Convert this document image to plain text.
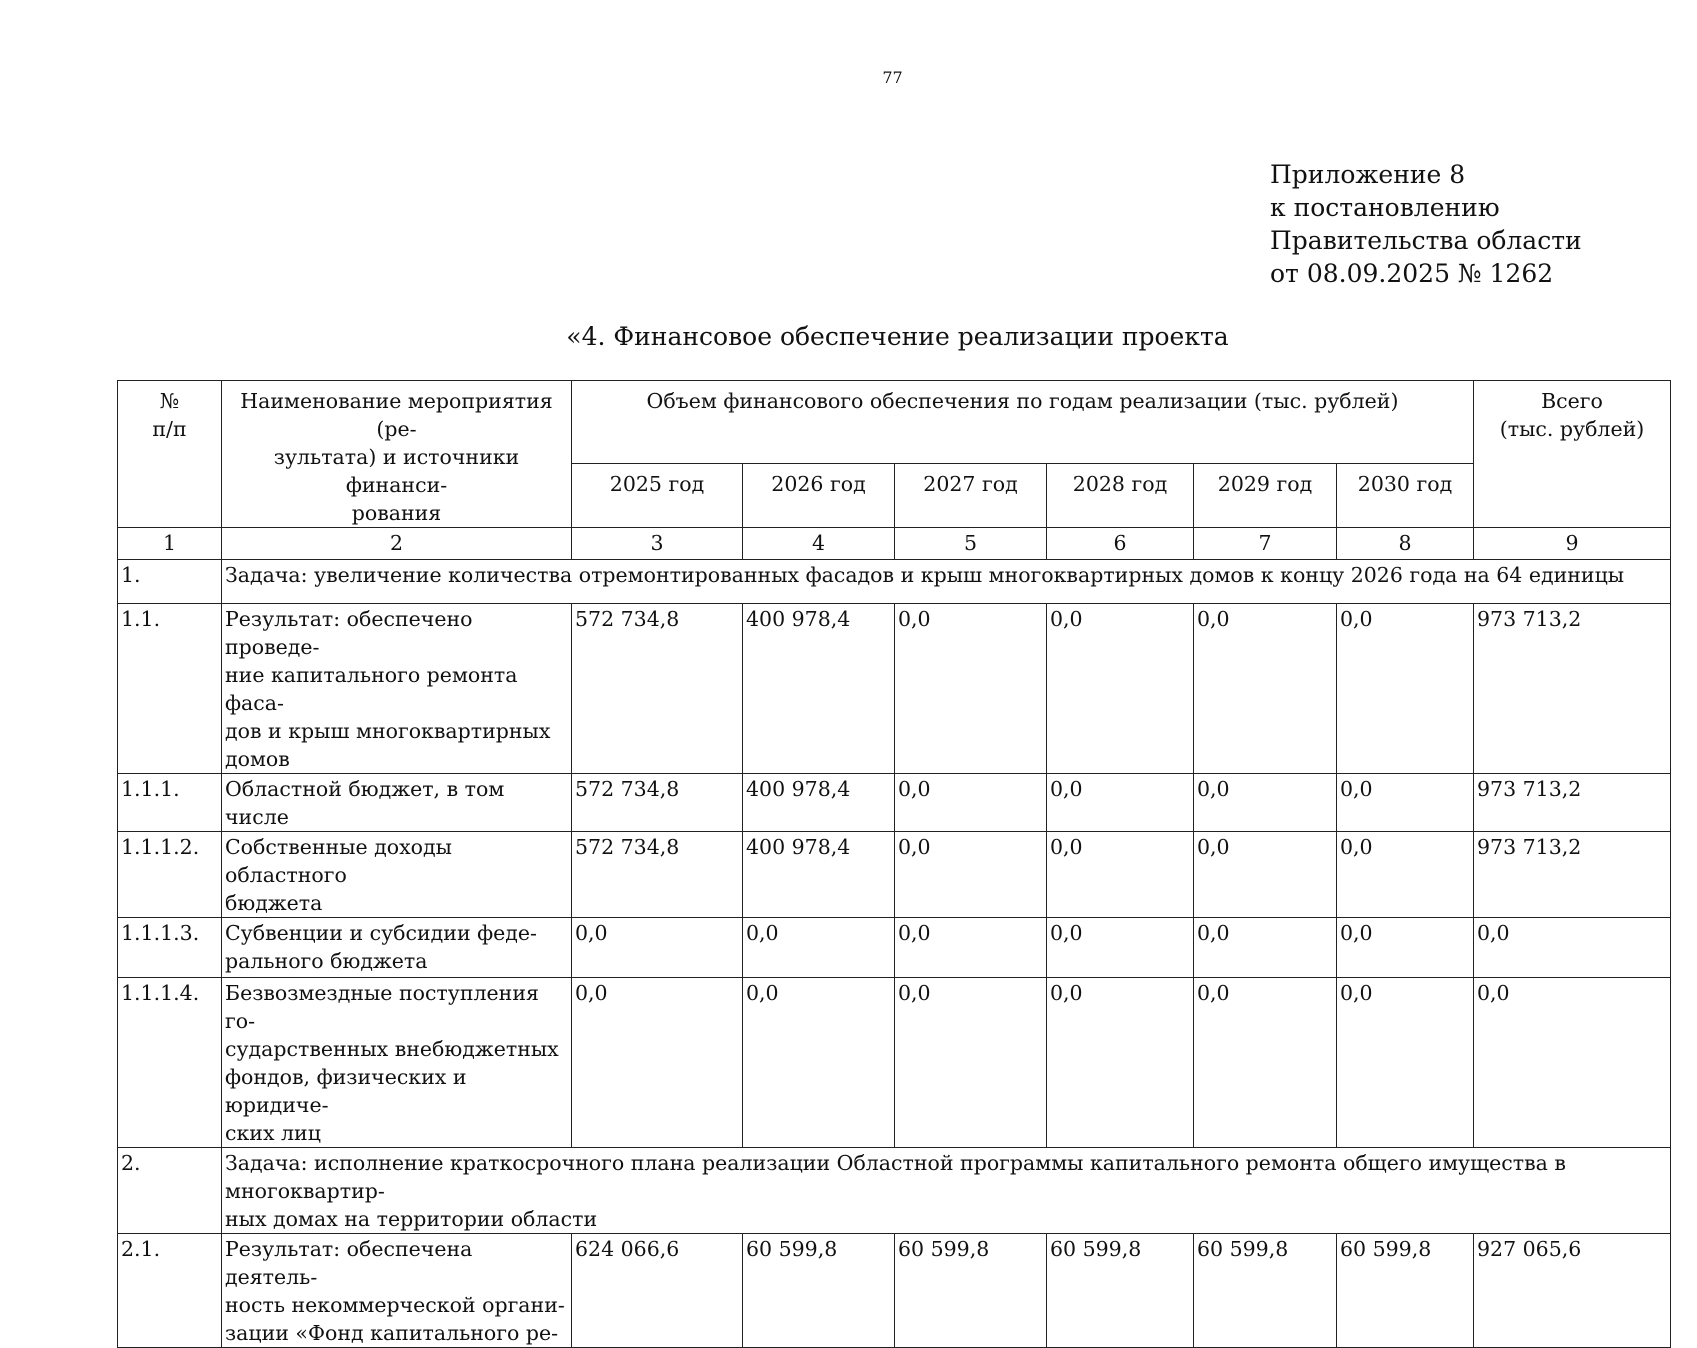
77
Приложение 8
к постановлению
Правительства области
от 08.09.2025 № 1262
«4. Финансовое обеспечение реализации проекта
№
п/п	Наименование мероприятия (ре-
зультата) и источники финанси-
рования	Объем финансового обеспечения по годам реализации (тыс. рублей)						Всего
(тыс. рублей)
		2025 год	2026 год	2027 год	2028 год	2029 год	2030 год	
1	2	3	4	5	6	7	8	9
1.	Задача: увеличение количества отремонтированных фасадов и крыш многоквартирных домов к концу 2026 года на 64 единицы							
1.1.	Результат: обеспечено проведе-
ние капитального ремонта фаса-
дов и крыш многоквартирных
домов	572 734,8	400 978,4	0,0	0,0	0,0	0,0	973 713,2
1.1.1.	Областной бюджет, в том числе	572 734,8	400 978,4	0,0	0,0	0,0	0,0	973 713,2
1.1.1.2.	Собственные доходы областного
бюджета	572 734,8	400 978,4	0,0	0,0	0,0	0,0	973 713,2
1.1.1.3.	Субвенции и субсидии феде-
рального бюджета	0,0	0,0	0,0	0,0	0,0	0,0	0,0
1.1.1.4.	Безвозмездные поступления го-
сударственных внебюджетных
фондов, физических и юридиче-
ских лиц	0,0	0,0	0,0	0,0	0,0	0,0	0,0
2.	Задача: исполнение краткосрочного плана реализации Областной программы капитального ремонта общего имущества в многоквартир-
ных домах на территории области							
2.1.	Результат: обеспечена деятель-
ность некоммерческой органи-
зации «Фонд капитального ре-	624 066,6	60 599,8	60 599,8	60 599,8	60 599,8	60 599,8	927 065,6
